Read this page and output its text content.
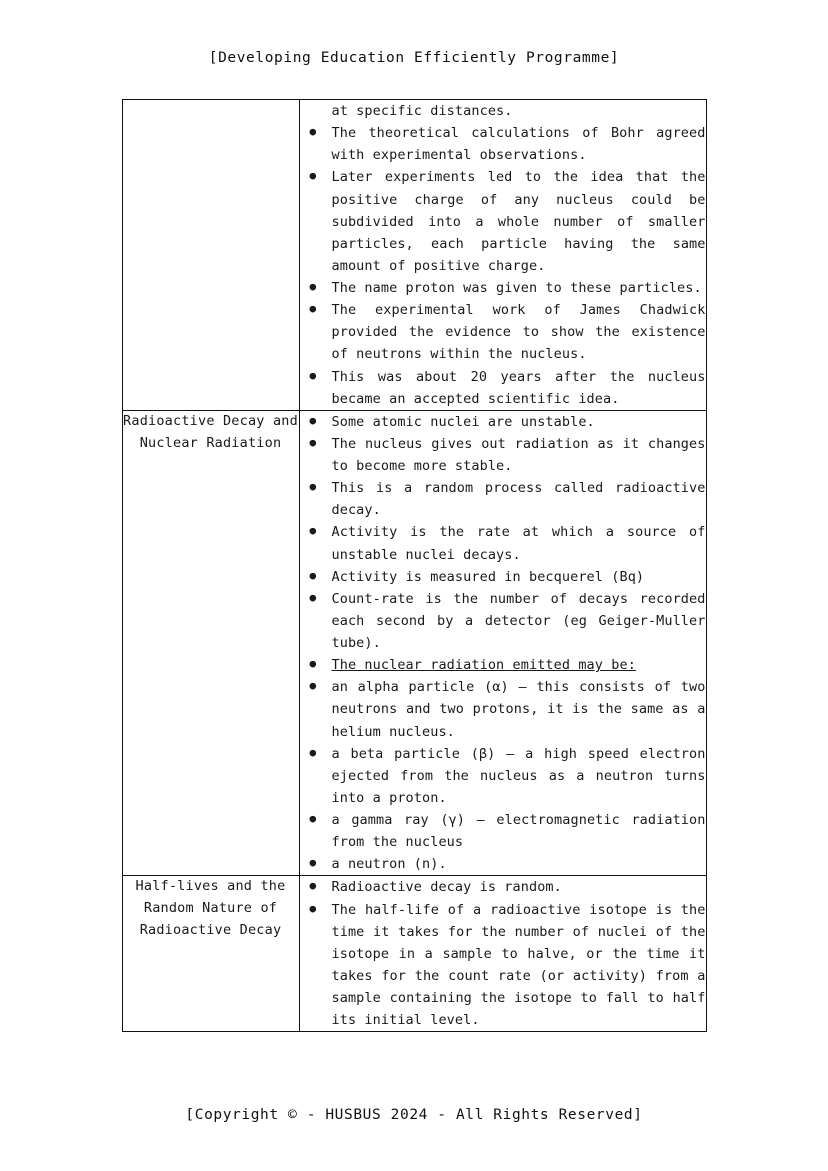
[Developing Education Efficiently Programme]

at specific distances.
● The theoretical calculations of Bohr agreed with experimental observations.
● Later experiments led to the idea that the positive charge of any nucleus could be subdivided into a whole number of smaller particles, each particle having the same amount of positive charge.
● The name proton was given to these particles.
● The experimental work of James Chadwick provided the evidence to show the existence of neutrons within the nucleus.
● This was about 20 years after the nucleus became an accepted scientific idea.

Radioactive Decay and Nuclear Radiation

● Some atomic nuclei are unstable.
● The nucleus gives out radiation as it changes to become more stable.
● This is a random process called radioactive decay.
● Activity is the rate at which a source of unstable nuclei decays.
● Activity is measured in becquerel (Bq)
● Count-rate is the number of decays recorded each second by a detector (eg Geiger-Muller tube).
● The nuclear radiation emitted may be:
● an alpha particle (α) – this consists of two neutrons and two protons, it is the same as a helium nucleus.
● a beta particle (β) – a high speed electron ejected from the nucleus as a neutron turns into a proton.
● a gamma ray (γ) – electromagnetic radiation from the nucleus
● a neutron (n).

Half-lives and the Random Nature of Radioactive Decay

● Radioactive decay is random.
● The half-life of a radioactive isotope is the time it takes for the number of nuclei of the isotope in a sample to halve, or the time it takes for the count rate (or activity) from a sample containing the isotope to fall to half its initial level.
[Copyright © - HUSBUS 2024 - All Rights Reserved]
